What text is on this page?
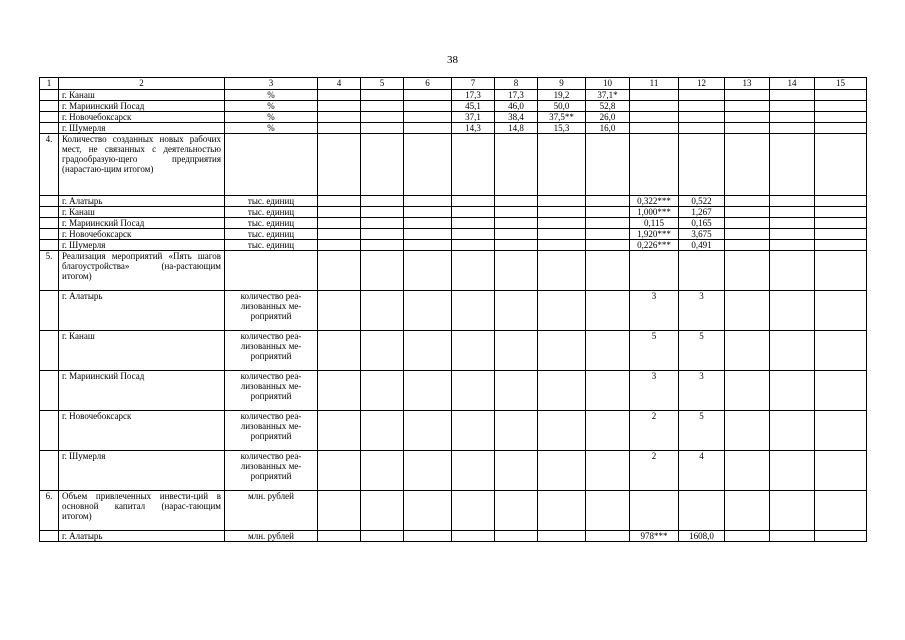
38
1	2	3	4	5	6	7	8	9	10	11	12	13	14	15
	г. Канаш	%				17,3	17,3	19,2	37,1*					
	г. Мариинский Посад	%				45,1	46,0	50,0	52,8					
	г. Новочебоксарск	%				37,1	38,4	37,5**	26,0					
	г. Шумерля	%				14,3	14,8	15,3	16,0					
4.	Количество созданных новых рабочих мест, не связанных с деятельностью градообразую-щего предприятия (нарастаю-щим итогом)													
	г. Алатырь	тыс. единиц								0,322***	0,522			
	г. Канаш	тыс. единиц								1,000***	1,267			
	г. Мариинский Посад	тыс. единиц								0,115	0,165			
	г. Новочебоксарск	тыс. единиц								1,920***	3,675			
	г. Шумерля	тыс. единиц								0,226***	0,491			
5.	Реализация мероприятий «Пять шагов благоустройства» (на-растающим итогом)													
	г. Алатырь	количество реа-лизованных ме-роприятий								3	3			
	г. Канаш	количество реа-лизованных ме-роприятий								5	5			
	г. Мариинский Посад	количество реа-лизованных ме-роприятий								3	3			
	г. Новочебоксарск	количество реа-лизованных ме-роприятий								2	5			
	г. Шумерля	количество реа-лизованных ме-роприятий								2	4			
6.	Объем привлеченных инвести-ций в основной капитал (нарас-тающим итогом)	млн. рублей												
	г. Алатырь	млн. рублей								978***	1608,0			
